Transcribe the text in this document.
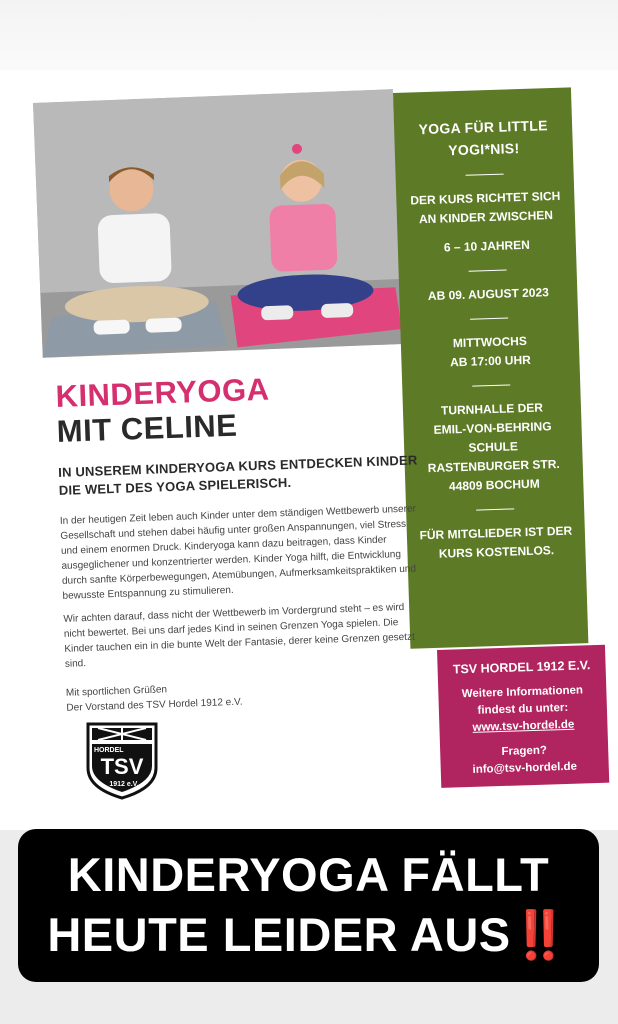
YOGA FÜR LITTLE YOGI*NIS!
DER KURS RICHTET SICH AN KINDER ZWISCHEN
6 – 10 JAHREN
AB 09. AUGUST 2023
MITTWOCHS
AB 17:00 UHR
TURNHALLE DER
EMIL-VON-BEHRING
SCHULE
RASTENBURGER STR.
44809 BOCHUM
FÜR MITGLIEDER IST DER KURS KOSTENLOS.
KINDERYOGA
MIT CELINE
IN UNSEREM KINDERYOGA KURS ENTDECKEN KINDER DIE WELT DES YOGA SPIELERISCH.
In der heutigen Zeit leben auch Kinder unter dem ständigen Wettbewerb unserer Gesellschaft und stehen dabei häufig unter großen Anspannungen, viel Stress und einem enormen Druck. Kinderyoga kann dazu beitragen, dass Kinder ausgeglichener und konzentrierter werden. Kinder Yoga hilft, die Entwicklung durch sanfte Körperbewegungen, Atemübungen, Aufmerksamkeitspraktiken und bewusste Entspannung zu stimulieren.
Wir achten darauf, dass nicht der Wettbewerb im Vordergrund steht – es wird nicht bewertet. Bei uns darf jedes Kind in seinen Grenzen Yoga spielen. Die Kinder tauchen ein in die bunte Welt der Fantasie, derer keine Grenzen gesetzt sind.
Mit sportlichen Grüßen
Der Vorstand des TSV Hordel 1912 e.V.
HORDEL
TSV
1912 e.V.
TSV HORDEL 1912 E.V.
Weitere Informationen findest du unter:
www.tsv-hordel.de
Fragen?
info@tsv-hordel.de
KINDERYOGA FÄLLT
HEUTE LEIDER AUS‼️
